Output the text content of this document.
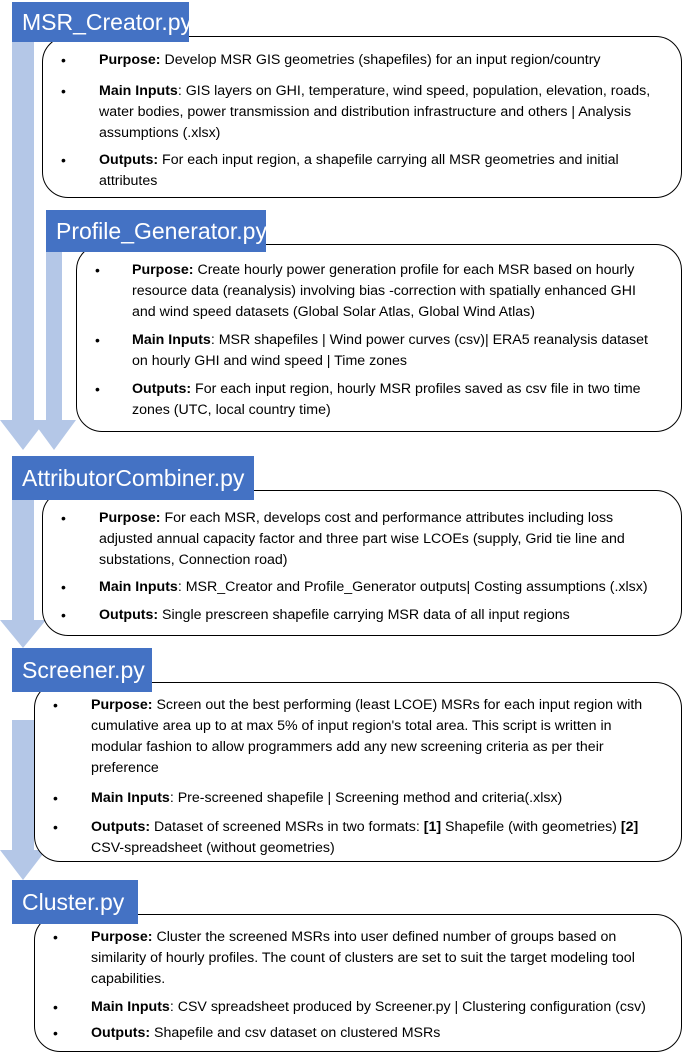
MSR_Creator.py
• Purpose: Develop MSR GIS geometries (shapefiles) for an input region/country
• Main Inputs: GIS layers on GHI, temperature, wind speed, population, elevation, roads, water bodies, power transmission and distribution infrastructure and others | Analysis assumptions (.xlsx)
• Outputs: For each input region, a shapefile carrying all MSR geometries and initial attributes
Profile_Generator.py
• Purpose: Create hourly power generation profile for each MSR based on hourly resource data (reanalysis) involving bias -correction with spatially enhanced GHI and wind speed datasets (Global Solar Atlas, Global Wind Atlas)
• Main Inputs: MSR shapefiles | Wind power curves (csv)| ERA5 reanalysis dataset on hourly GHI and wind speed | Time zones
• Outputs: For each input region, hourly MSR profiles saved as csv file in two time zones (UTC, local country time)
AttributorCombiner.py
• Purpose: For each MSR, develops cost and performance attributes including loss adjusted annual capacity factor and three part wise LCOEs (supply, Grid tie line and substations, Connection road)
• Main Inputs: MSR_Creator and Profile_Generator outputs| Costing assumptions (.xlsx)
• Outputs: Single prescreen shapefile carrying MSR data of all input regions
Screener.py
• Purpose: Screen out the best performing (least LCOE) MSRs for each input region with cumulative area up to at max 5% of input region's total area. This script is written in modular fashion to allow programmers add any new screening criteria as per their preference
• Main Inputs: Pre-screened shapefile | Screening method and criteria(.xlsx)
• Outputs: Dataset of screened MSRs in two formats: [1] Shapefile (with geometries) [2] CSV-spreadsheet (without geometries)
Cluster.py
• Purpose: Cluster the screened MSRs into user defined number of groups based on similarity of hourly profiles. The count of clusters are set to suit the target modeling tool capabilities.
• Main Inputs: CSV spreadsheet produced by Screener.py | Clustering configuration (csv)
• Outputs: Shapefile and csv dataset on clustered MSRs
